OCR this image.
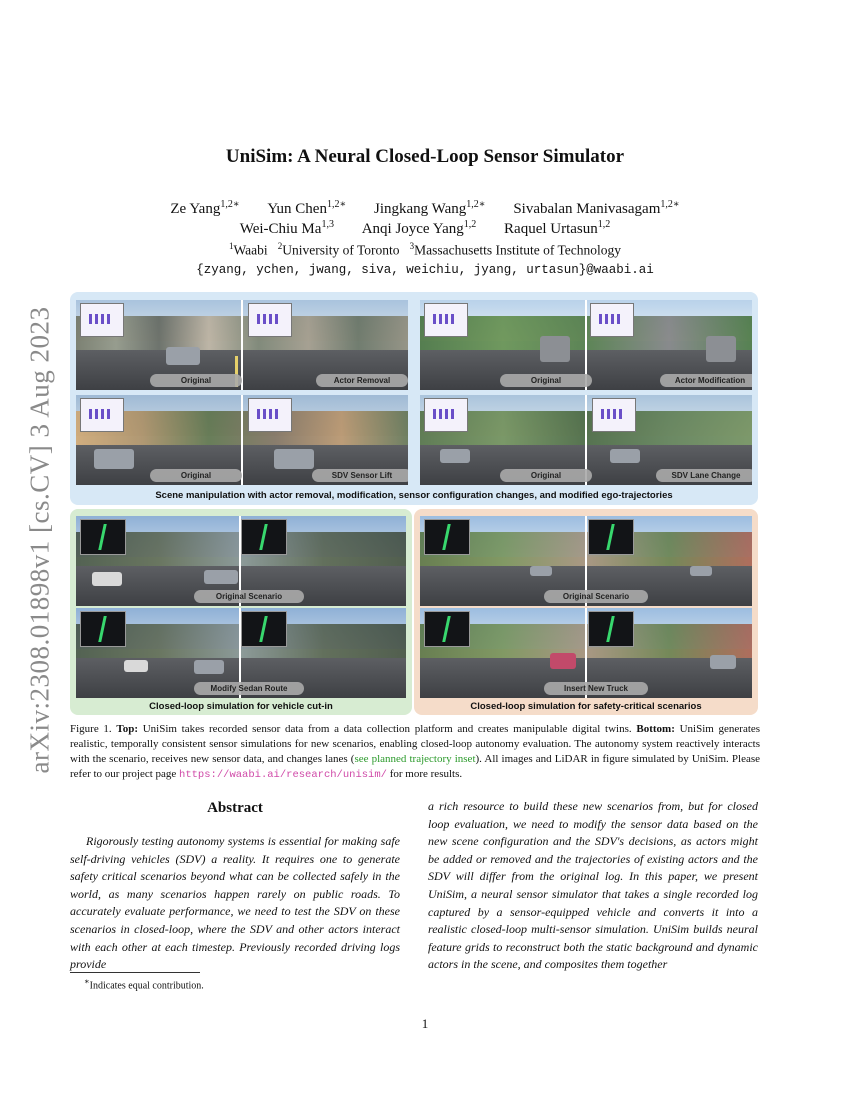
arXiv:2308.01898v1 [cs.CV] 3 Aug 2023
UniSim: A Neural Closed-Loop Sensor Simulator
Ze Yang$^{1,2∗}$ Yun Chen$^{1,2∗}$ Jingkang Wang$^{1,2∗}$ Sivabalan Manivasagam$^{1,2∗}$
Wei-Chiu Ma$^{1,3}$ Anqi Joyce Yang$^{1,2}$ Raquel Urtasun$^{1,2}$
$^1$Waabi $^2$University of Toronto $^3$Massachusetts Institute of Technology
{zyang, ychen, jwang, siva, weichiu, jyang, urtasun}@waabi.ai
Original	Actor Removal	Original	Actor Modification
Original	SDV Sensor Lift	Original	SDV Lane Change
Scene manipulation with actor removal, modification, sensor configuration changes, and modified ego-trajectories
Original Scenario
Modify Sedan Route
Closed-loop simulation for vehicle cut-in
Original Scenario
Insert New Truck
Closed-loop simulation for safety-critical scenarios
Figure 1. Top: UniSim takes recorded sensor data from a data collection platform and creates manipulable digital twins. Bottom: UniSim generates realistic, temporally consistent sensor simulations for new scenarios, enabling closed-loop autonomy evaluation. The autonomy system reactively interacts with the scenario, receives new sensor data, and changes lanes (see planned trajectory inset). All images and LiDAR in figure simulated by UniSim. Please refer to our project page https://waabi.ai/research/unisim/ for more results.
Abstract
Rigorously testing autonomy systems is essential for making safe self-driving vehicles (SDV) a reality. It requires one to generate safety critical scenarios beyond what can be collected safely in the world, as many scenarios happen rarely on public roads. To accurately evaluate performance, we need to test the SDV on these scenarios in closed-loop, where the SDV and other actors interact with each other at each timestep. Previously recorded driving logs provide
a rich resource to build these new scenarios from, but for closed loop evaluation, we need to modify the sensor data based on the new scene configuration and the SDV's decisions, as actors might be added or removed and the trajectories of existing actors and the SDV will differ from the original log. In this paper, we present UniSim, a neural sensor simulator that takes a single recorded log captured by a sensor-equipped vehicle and converts it into a realistic closed-loop multi-sensor simulation. UniSim builds neural feature grids to reconstruct both the static background and dynamic actors in the scene, and composites them together
∗Indicates equal contribution.
1
